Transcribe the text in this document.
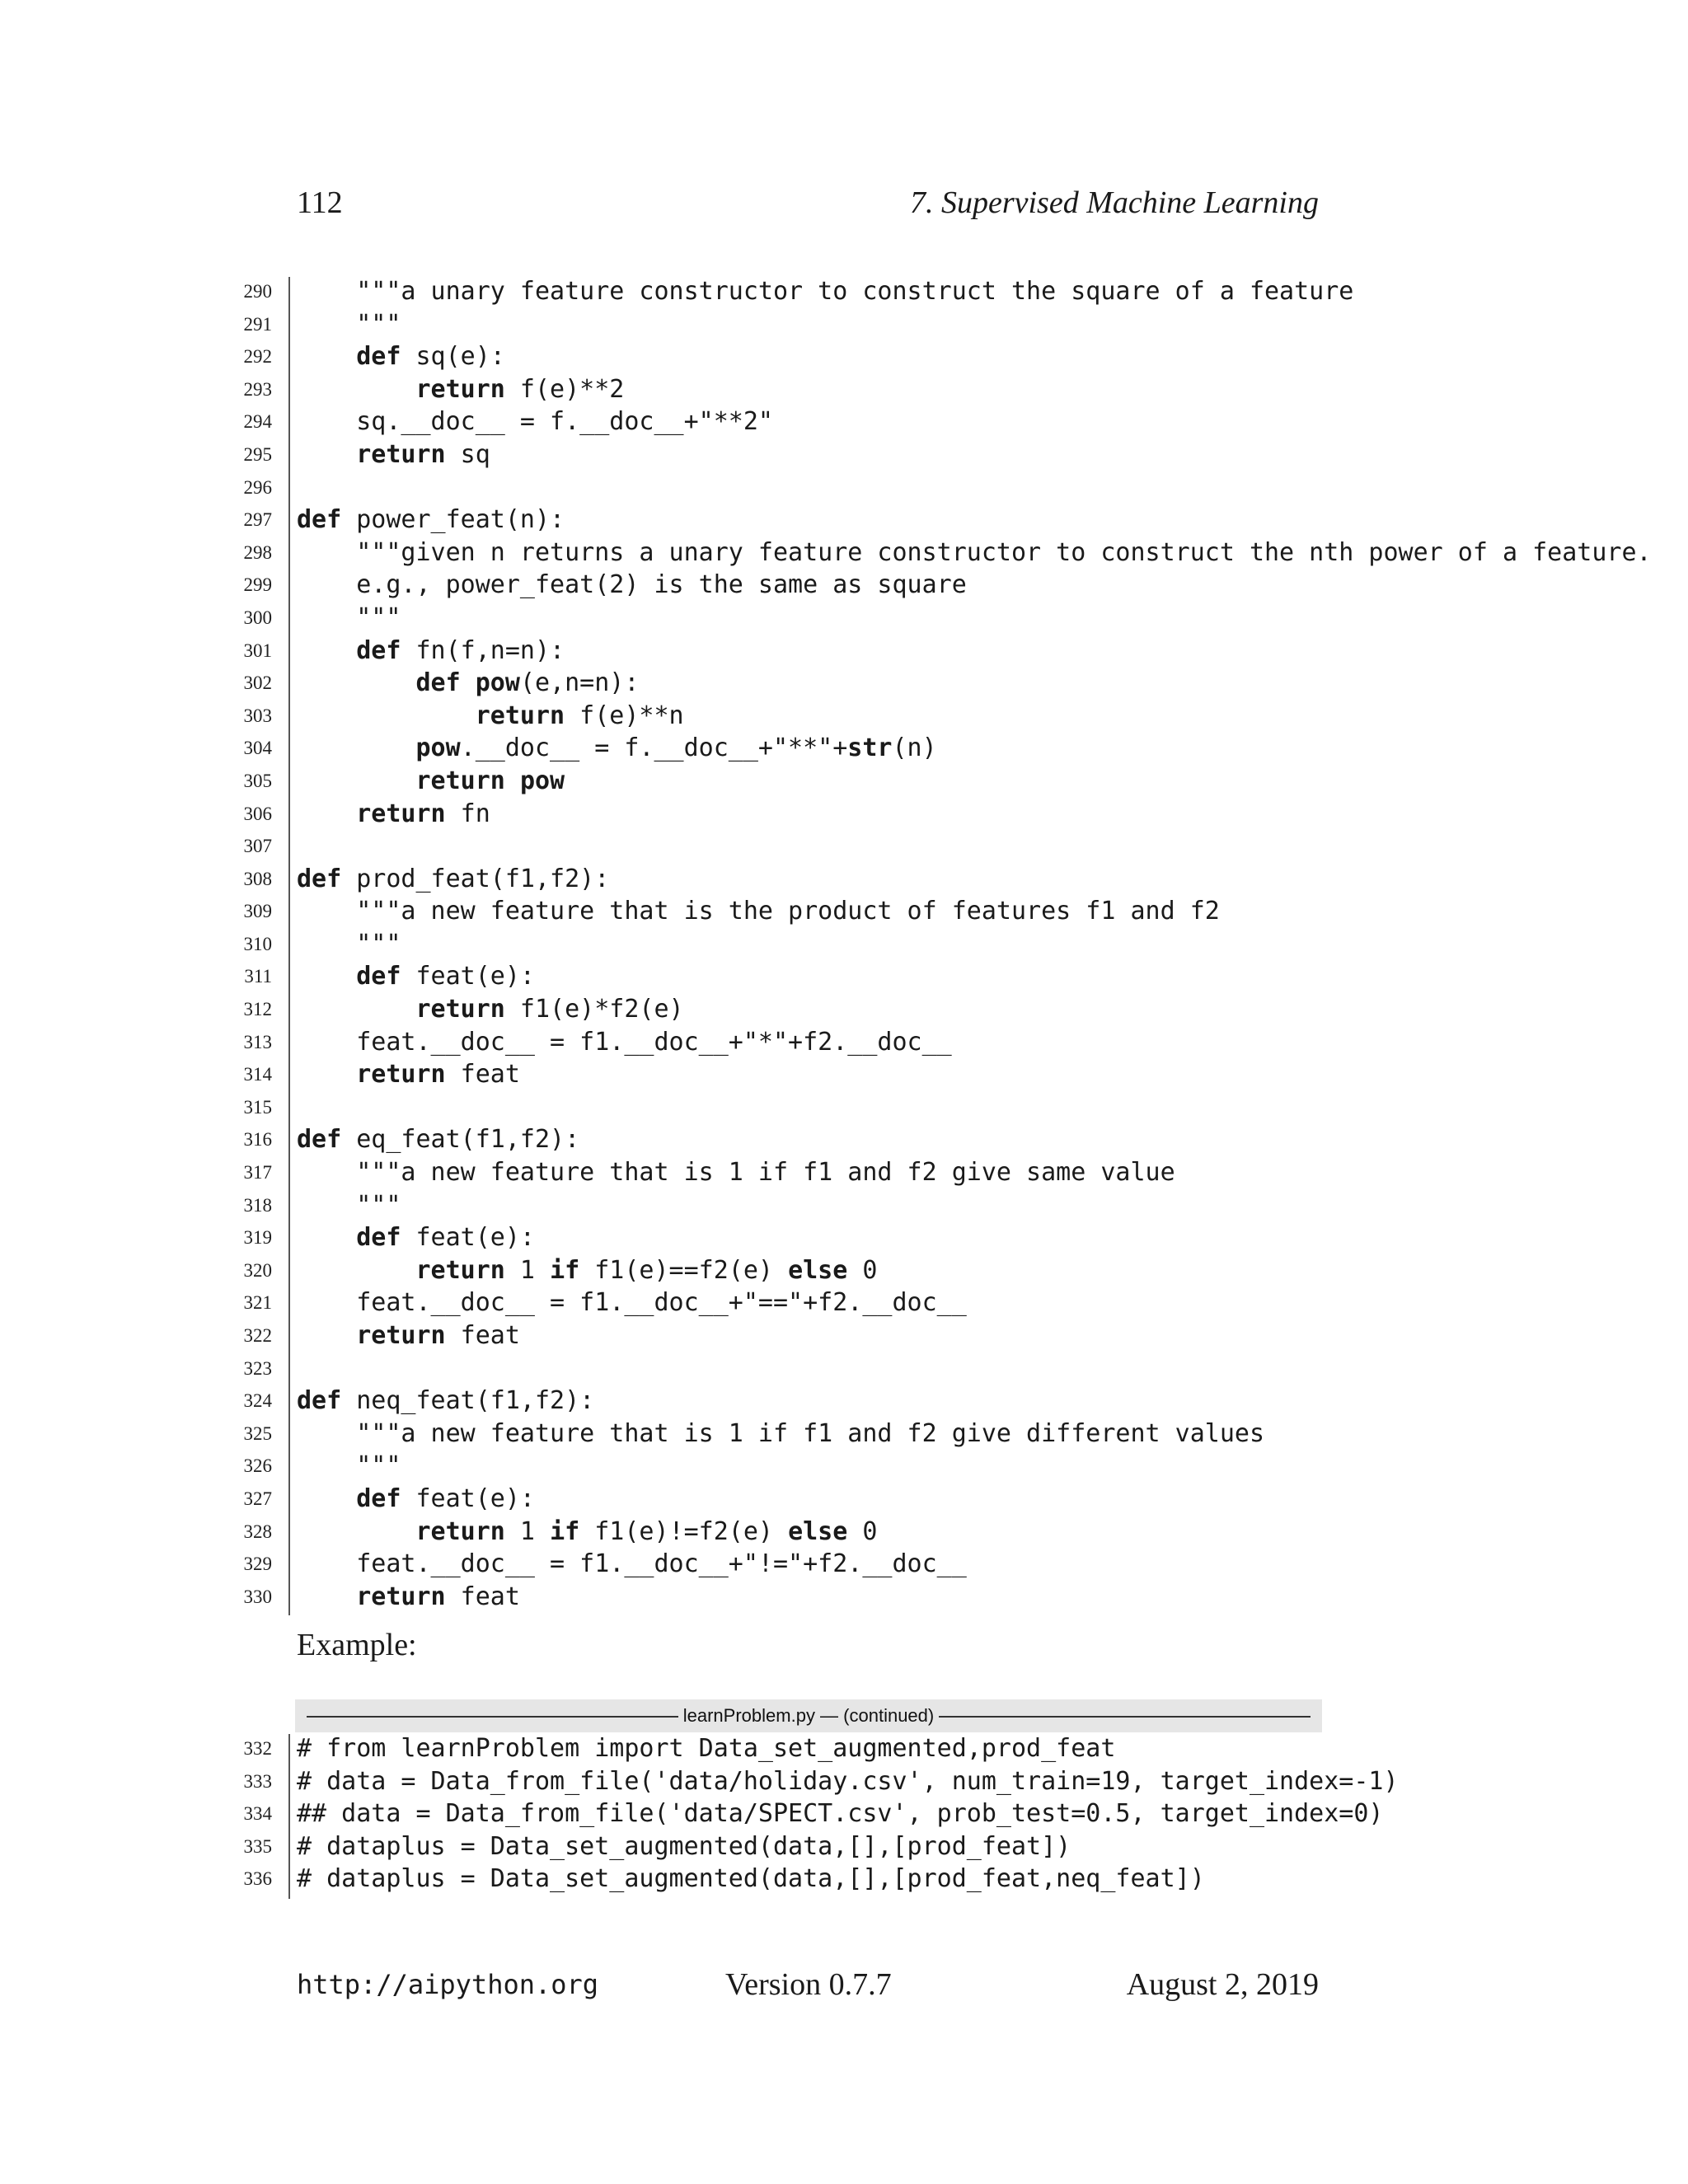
112	7. Supervised Machine Learning
290 """a unary feature constructor to construct the square of a feature
291 """
292	def sq(e):
293	return f(e)**2
294 sq.__doc__ = f.__doc__+"**2"
295	return sq
296
297 def power_feat(n):
298 """given n returns a unary feature constructor to construct the nth power of a feature.
299 e.g., power_feat(2) is the same as square
300 """
301	def fn(f,n=n):
302	def pow(e,n=n):
303	return f(e)**n
304	pow.__doc__ = f.__doc__+"**"+str(n)
305	return pow
306	return fn
307
308 def prod_feat(f1,f2):
309 """a new feature that is the product of features f1 and f2
310 """
311	def feat(e):
312	return f1(e)*f2(e)
313 feat.__doc__ = f1.__doc__+"*"+f2.__doc__
314	return feat
315
316 def eq_feat(f1,f2):
317 """a new feature that is 1 if f1 and f2 give same value
318 """
319	def feat(e):
320	return 1 if f1(e)==f2(e) else 0
321 feat.__doc__ = f1.__doc__+"=="+f2.__doc__
322	return feat
323
324 def neq_feat(f1,f2):
325 """a new feature that is 1 if f1 and f2 give different values
326 """
327	def feat(e):
328	return 1 if f1(e)!=f2(e) else 0
329 feat.__doc__ = f1.__doc__+"!="+f2.__doc__
330	return feat
Example:
learnProblem.py — (continued)
332 # from learnProblem import Data_set_augmented,prod_feat
333 # data = Data_from_file('data/holiday.csv', num_train=19, target_index=-1)
334 ## data = Data_from_file('data/SPECT.csv', prob_test=0.5, target_index=0)
335 # dataplus = Data_set_augmented(data,[],[prod_feat])
336 # dataplus = Data_set_augmented(data,[],[prod_feat,neq_feat])
http://aipython.org	Version 0.7.7	August 2, 2019
